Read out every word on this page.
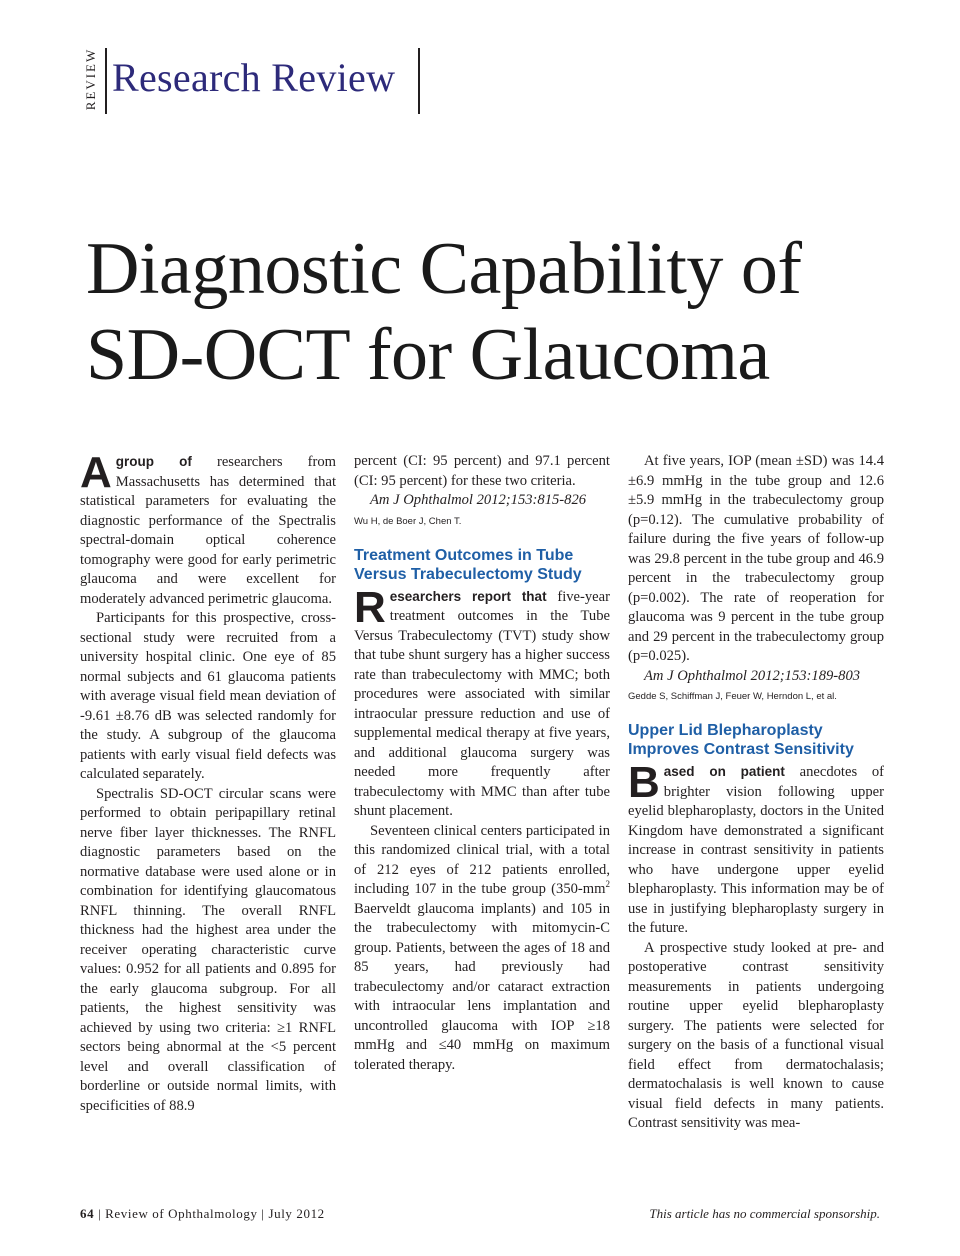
REVIEW Research Review
Diagnostic Capability of
SD-OCT for Glaucoma

Agroup of researchers from Massachusetts has determined that statistical parameters for evaluating the diagnostic performance of the Spectralis spectral-domain optical coherence tomography were good for early perimetric glaucoma and were excellent for moderately advanced perimetric glaucoma.

Participants for this prospective, cross-sectional study were recruited from a university hospital clinic. One eye of 85 normal subjects and 61 glaucoma patients with average visual field mean deviation of -9.61 ±8.76 dB was selected randomly for the study. A subgroup of the glaucoma patients with early visual field defects was calculated separately.

Spectralis SD-OCT circular scans were performed to obtain peripapillary retinal nerve fiber layer thicknesses. The RNFL diagnostic parameters based on the normative database were used alone or in combination for identifying glaucomatous RNFL thinning. The overall RNFL thickness had the highest area under the receiver operating characteristic curve values: 0.952 for all patients and 0.895 for the early glaucoma subgroup. For all patients, the highest sensitivity was achieved by using two criteria: ≥1 RNFL sectors being abnormal at the <5 percent level and overall classification of borderline or outside normal limits, with specificities of 88.9

percent (CI: 95 percent) and 97.1 percent (CI: 95 percent) for these two criteria.

Am J Ophthalmol 2012;153:815-826

Wu H, de Boer J, Chen T.
Treatment Outcomes in Tube Versus Trabeculectomy Study

Researchers report that five-year treatment outcomes in the Tube Versus Trabeculectomy (TVT) study show that tube shunt surgery has a higher success rate than trabeculectomy with MMC; both procedures were associated with similar intraocular pressure reduction and use of supplemental medical therapy at five years, and additional glaucoma surgery was needed more frequently after trabeculectomy with MMC than after tube shunt placement.

Seventeen clinical centers participated in this randomized clinical trial, with a total of 212 eyes of 212 patients enrolled, including 107 in the tube group ($350-mm^2$ Baerveldt glaucoma implants) and 105 in the trabeculectomy with mitomycin-C group. Patients, between the ages of 18 and 85 years, had previously had trabeculectomy and/or cataract extraction with intraocular lens implantation and uncontrolled glaucoma with IOP ≥18 mmHg and ≤40 mmHg on maximum tolerated therapy.

At five years, IOP (mean ±SD) was 14.4 ±6.9 mmHg in the tube group and 12.6 ±5.9 mmHg in the trabeculectomy group (p=0.12). The cumulative probability of failure during the five years of follow-up was 29.8 percent in the tube group and 46.9 percent in the trabeculectomy group (p=0.002). The rate of reoperation for glaucoma was 9 percent in the tube group and 29 percent in the trabeculectomy group (p=0.025).

Am J Ophthalmol 2012;153:189-803

Gedde S, Schiffman J, Feuer W, Herndon L, et al.
Upper Lid Blepharoplasty Improves Contrast Sensitivity

Based on patient anecdotes of brighter vision following upper eyelid blepharoplasty, doctors in the United Kingdom have demonstrated a significant increase in contrast sensitivity in patients who have undergone upper eyelid blepharoplasty. This information may be of use in justifying blepharoplasty surgery in the future.

A prospective study looked at pre- and postoperative contrast sensitivity measurements in patients undergoing routine upper eyelid blepharoplasty surgery. The patients were selected for surgery on the basis of a functional visual field effect from dermatochalasis; dermatochalasis is well known to cause visual field defects in many patients. Contrast sensitivity was mea-

64 | Review of Ophthalmology | July 2012	This article has no commercial sponsorship.
